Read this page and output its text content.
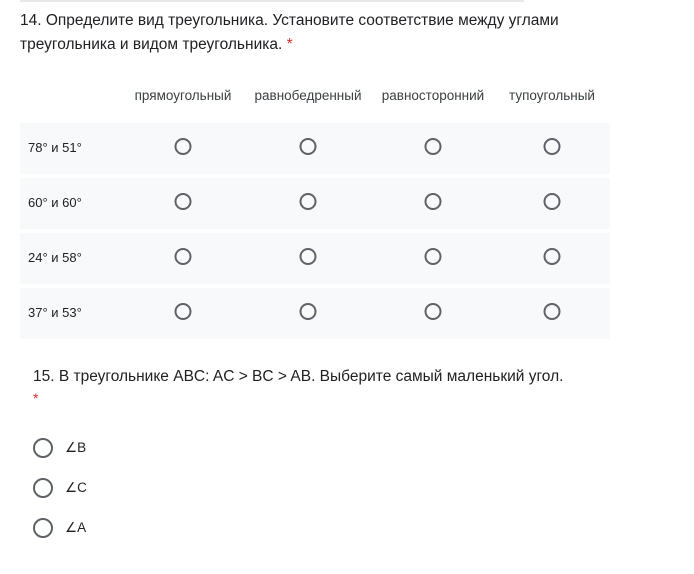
14. Определите вид треугольника. Установите соответствие между углами треугольника и видом треугольника. *
прямоугольный равнобедренный равносторонний тупоугольный
78° и 51°
60° и 60°
24° и 58°
37° и 53°
15. В треугольнике ABC: AC > BC > AB. Выберите самый маленький угол.
*
∠B
∠C
∠A
